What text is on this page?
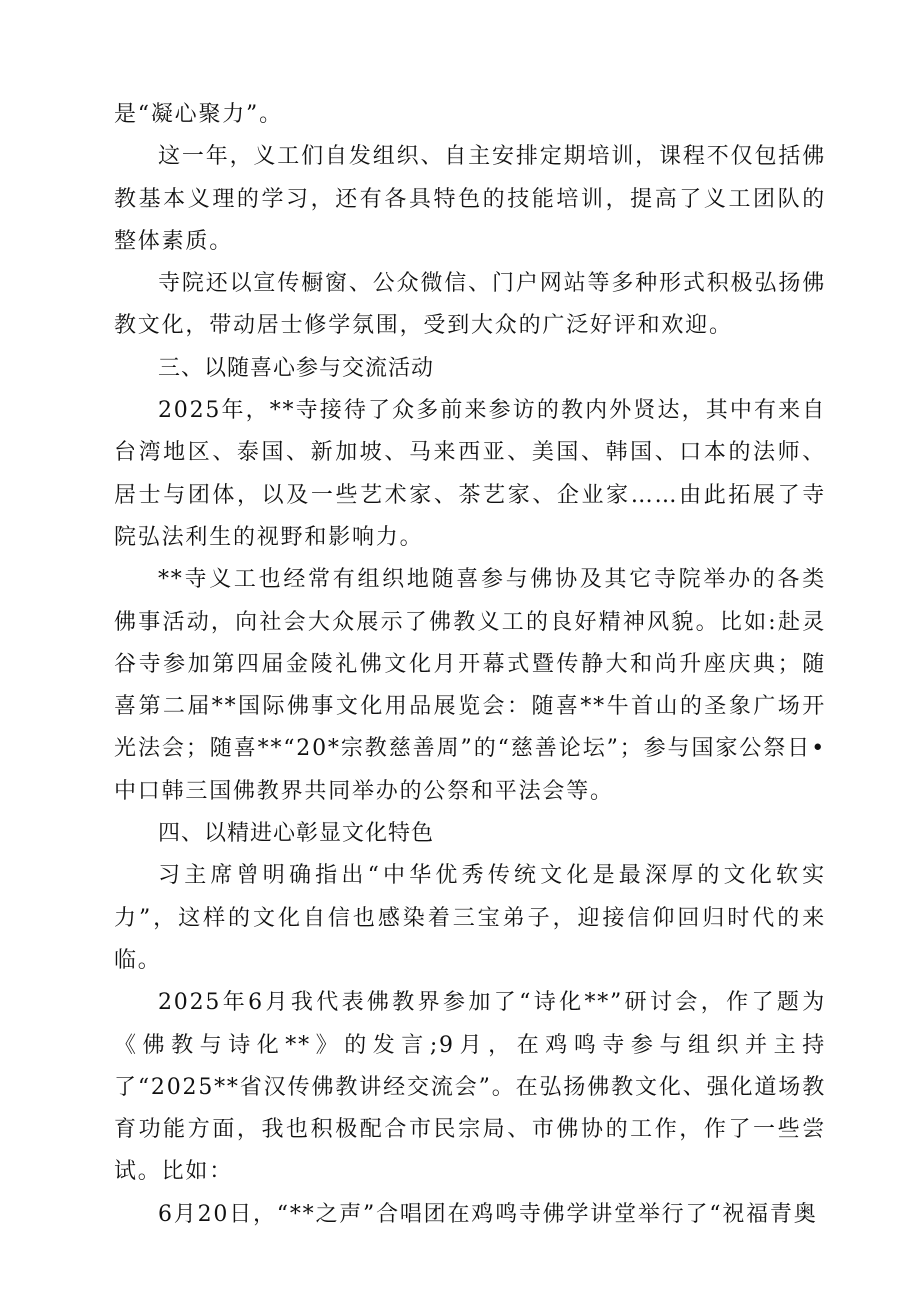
是“凝心聚力”。

这一年，义工们自发组织、自主安排定期培训，课程不仅包括佛教基本义理的学习，还有各具特色的技能培训，提高了义工团队的整体素质。

寺院还以宣传橱窗、公众微信、门户网站等多种形式积极弘扬佛教文化，带动居士修学氛围，受到大众的广泛好评和欢迎。

三、以随喜心参与交流活动

2025年，**寺接待了众多前来参访的教内外贤达，其中有来自台湾地区、泰国、新加坡、马来西亚、美国、韩国、口本的法师、居士与团体，以及一些艺术家、茶艺家、企业家……由此拓展了寺院弘法利生的视野和影响力。

**寺义工也经常有组织地随喜参与佛协及其它寺院举办的各类佛事活动，向社会大众展示了佛教义工的良好精神风貌。比如:赴灵谷寺参加第四届金陵礼佛文化月开幕式暨传静大和尚升座庆典；随喜第二届**国际佛事文化用品展览会：随喜**牛首山的圣象广场开光法会；随喜**“20*宗教慈善周”的“慈善论坛”；参与国家公祭日•中口韩三国佛教界共同举办的公祭和平法会等。

四、以精进心彰显文化特色

习主席曾明确指出“中华优秀传统文化是最深厚的文化软实力”，这样的文化自信也感染着三宝弟子，迎接信仰回归时代的来临。

2025年6月我代表佛教界参加了“诗化**”研讨会，作了题为《佛教与诗化**》的发言;9月，在鸡鸣寺参与组织并主持了“2025**省汉传佛教讲经交流会”。在弘扬佛教文化、强化道场教育功能方面，我也积极配合市民宗局、市佛协的工作，作了一些尝试。比如：

6月20日，“**之声”合唱团在鸡鸣寺佛学讲堂举行了“祝福青奥
